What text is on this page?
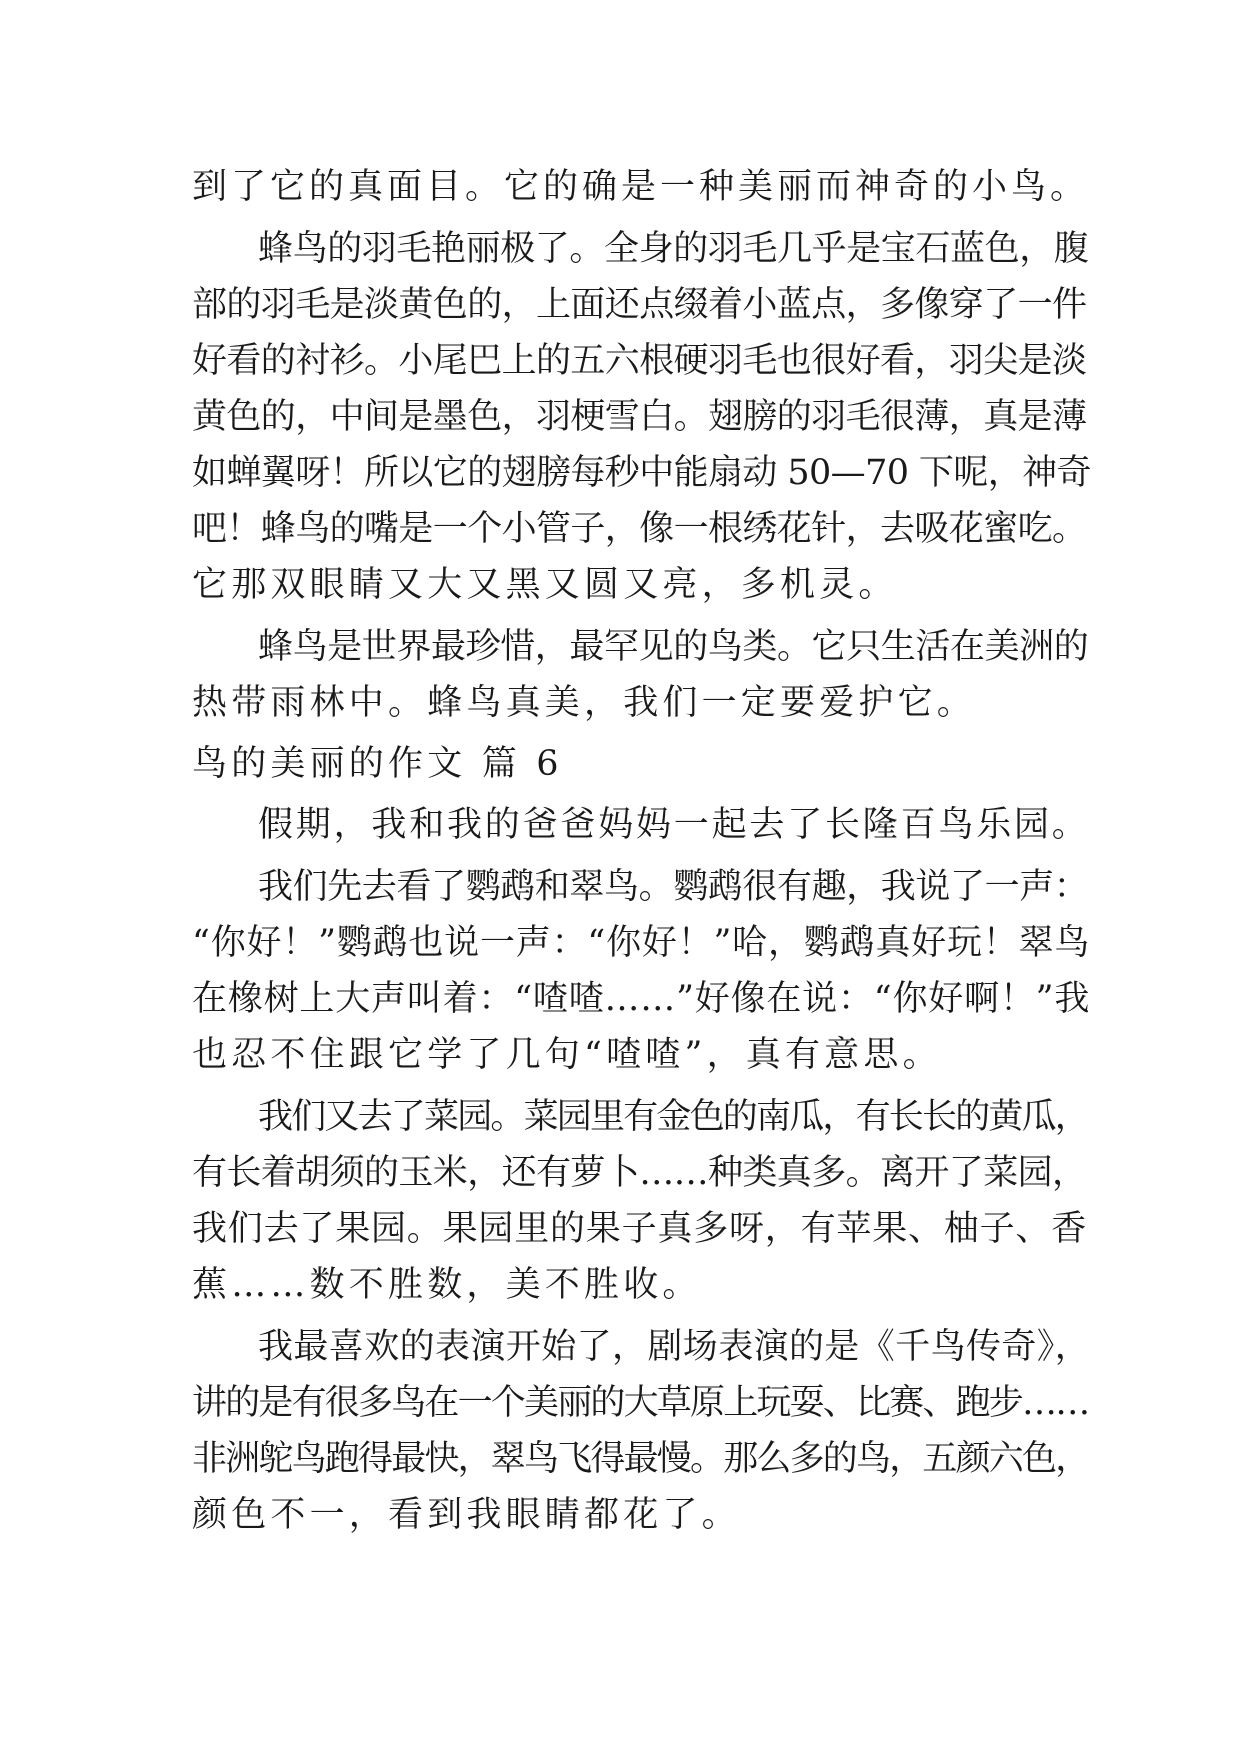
到了它的真面目。它的确是一种美丽而神奇的小鸟。
蜂鸟的羽毛艳丽极了。全身的羽毛几乎是宝石蓝色，腹
部的羽毛是淡黄色的，上面还点缀着小蓝点，多像穿了一件
好看的衬衫。小尾巴上的五六根硬羽毛也很好看，羽尖是淡
黄色的，中间是墨色，羽梗雪白。翅膀的羽毛很薄，真是薄
如蝉翼呀！所以它的翅膀每秒中能扇动 50—70 下呢，神奇
吧！蜂鸟的嘴是一个小管子，像一根绣花针，去吸花蜜吃。
它那双眼睛又大又黑又圆又亮，多机灵。
蜂鸟是世界最珍惜，最罕见的鸟类。它只生活在美洲的
热带雨林中。蜂鸟真美，我们一定要爱护它。
鸟的美丽的作文 篇 6
假期，我和我的爸爸妈妈一起去了长隆百鸟乐园。
我们先去看了鹦鹉和翠鸟。鹦鹉很有趣，我说了一声：
“你好！”鹦鹉也说一声：“你好！”哈，鹦鹉真好玩！翠鸟
在橡树上大声叫着：“喳喳……”好像在说：“你好啊！”我
也忍不住跟它学了几句“喳喳”，真有意思。
我们又去了菜园。菜园里有金色的南瓜，有长长的黄瓜，
有长着胡须的玉米，还有萝卜……种类真多。离开了菜园，
我们去了果园。果园里的果子真多呀，有苹果、柚子、香
蕉……数不胜数，美不胜收。
我最喜欢的表演开始了，剧场表演的是《千鸟传奇》，
讲的是有很多鸟在一个美丽的大草原上玩耍、比赛、跑步……
非洲鸵鸟跑得最快，翠鸟飞得最慢。那么多的鸟，五颜六色，
颜色不一，看到我眼睛都花了。
